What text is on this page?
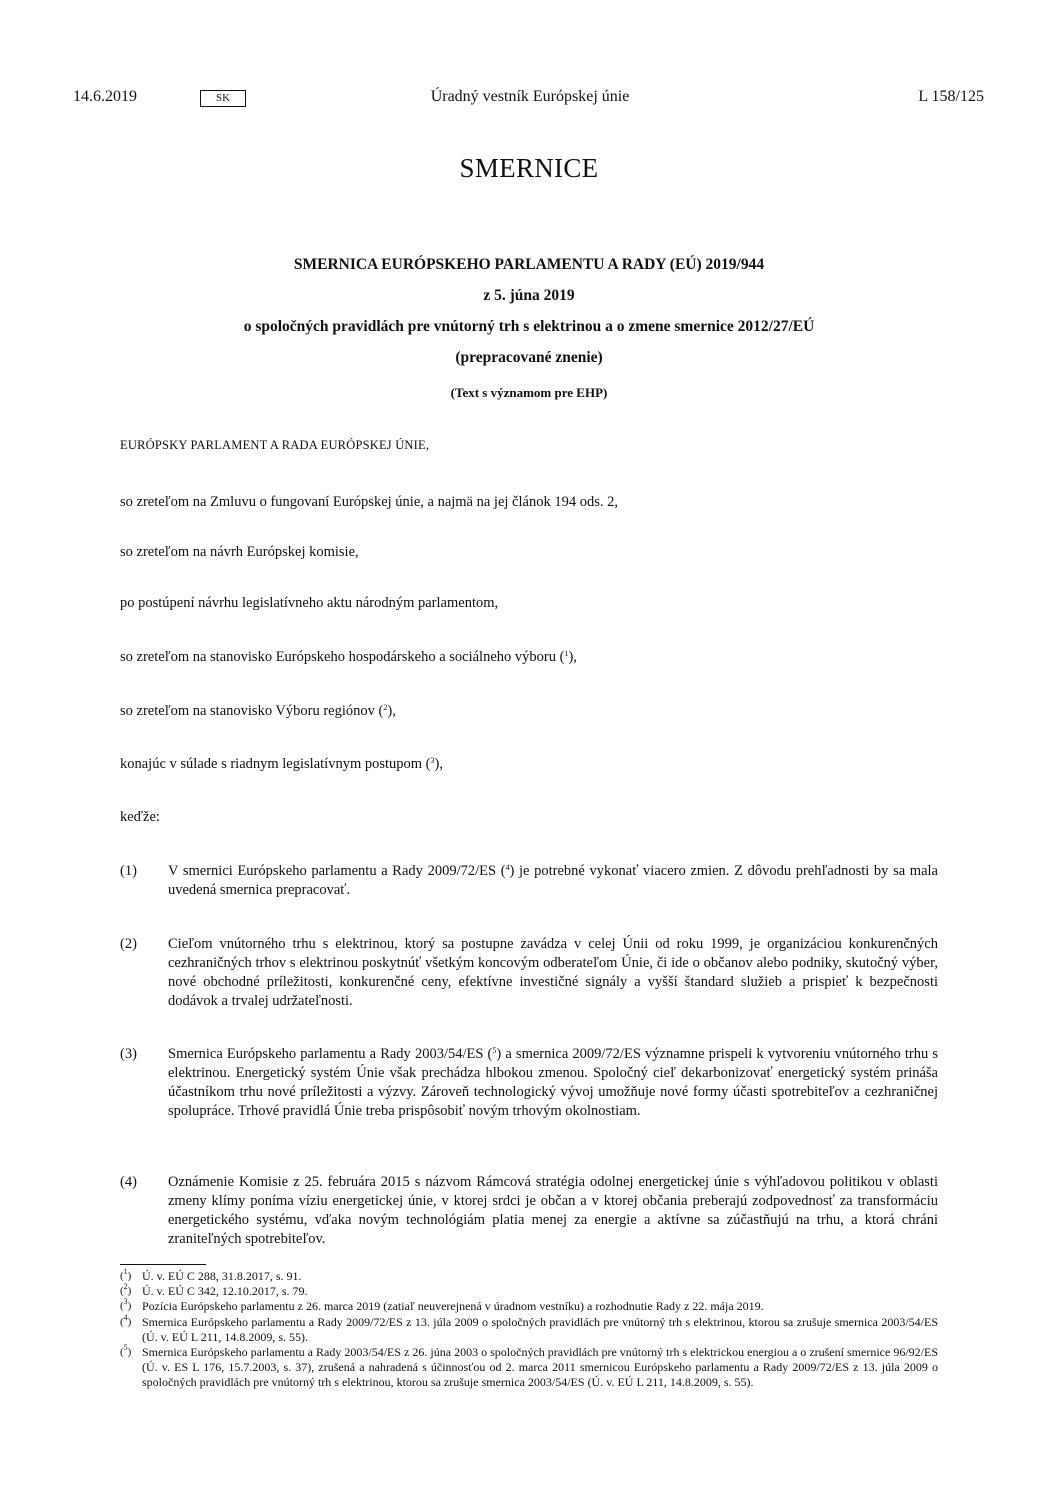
14.6.2019	SK	Úradný vestník Európskej únie	L 158/125
SMERNICE
SMERNICA EURÓPSKEHO PARLAMENTU A RADY (EÚ) 2019/944
z 5. júna 2019
o spoločných pravidlách pre vnútorný trh s elektrinou a o zmene smernice 2012/27/EÚ
(prepracované znenie)
(Text s významom pre EHP)
EURÓPSKY PARLAMENT A RADA EURÓPSKEJ ÚNIE,
so zreteľom na Zmluvu o fungovaní Európskej únie, a najmä na jej článok 194 ods. 2,
so zreteľom na návrh Európskej komisie,
po postúpení návrhu legislatívneho aktu národným parlamentom,
so zreteľom na stanovisko Európskeho hospodárskeho a sociálneho výboru ($^1$),
so zreteľom na stanovisko Výboru regiónov ($^2$),
konajúc v súlade s riadnym legislatívnym postupom ($^3$),
keďže:
(1)	V smernici Európskeho parlamentu a Rady 2009/72/ES ($^4$) je potrebné vykonať viacero zmien. Z dôvodu prehľadnosti by sa mala uvedená smernica prepracovať.
(2)	Cieľom vnútorného trhu s elektrinou, ktorý sa postupne zavádza v celej Únii od roku 1999, je organizáciou konkurenčných cezhraničných trhov s elektrinou poskytnúť všetkým koncovým odberateľom Únie, či ide o občanov alebo podniky, skutočný výber, nové obchodné príležitosti, konkurenčné ceny, efektívne investičné signály a vyšší štandard služieb a prispieť k bezpečnosti dodávok a trvalej udržateľnosti.
(3)	Smernica Európskeho parlamentu a Rady 2003/54/ES ($^5$) a smernica 2009/72/ES významne prispeli k vytvoreniu vnútorného trhu s elektrinou. Energetický systém Únie však prechádza hlbokou zmenou. Spoločný cieľ dekarbonizovať energetický systém prináša účastníkom trhu nové príležitosti a výzvy. Zároveň technologický vývoj umožňuje nové formy účasti spotrebiteľov a cezhraničnej spolupráce. Trhové pravidlá Únie treba prispôsobiť novým trhovým okolnostiam.
(4)	Oznámenie Komisie z 25. februára 2015 s názvom Rámcová stratégia odolnej energetickej únie s výhľadovou politikou v oblasti zmeny klímy poníma víziu energetickej únie, v ktorej srdci je občan a v ktorej občania preberajú zodpovednosť za transformáciu energetického systému, vďaka novým technológiám platia menej za energie a aktívne sa zúčastňujú na trhu, a ktorá chráni zraniteľných spotrebiteľov.
($^1$) Ú. v. EÚ C 288, 31.8.2017, s. 91.
($^2$) Ú. v. EÚ C 342, 12.10.2017, s. 79.
($^3$) Pozícia Európskeho parlamentu z 26. marca 2019 (zatiaľ neuverejnená v úradnom vestníku) a rozhodnutie Rady z 22. mája 2019.
($^4$) Smernica Európskeho parlamentu a Rady 2009/72/ES z 13. júla 2009 o spoločných pravidlách pre vnútorný trh s elektrinou, ktorou sa zrušuje smernica 2003/54/ES (Ú. v. EÚ L 211, 14.8.2009, s. 55).
($^5$) Smernica Európskeho parlamentu a Rady 2003/54/ES z 26. júna 2003 o spoločných pravidlách pre vnútorný trh s elektrickou energiou a o zrušení smernice 96/92/ES (Ú. v. ES L 176, 15.7.2003, s. 37), zrušená a nahradená s účinnosťou od 2. marca 2011 smernicou Európskeho parlamentu a Rady 2009/72/ES z 13. júla 2009 o spoločných pravidlách pre vnútorný trh s elektrinou, ktorou sa zrušuje smernica 2003/54/ES (Ú. v. EÚ L 211, 14.8.2009, s. 55).
